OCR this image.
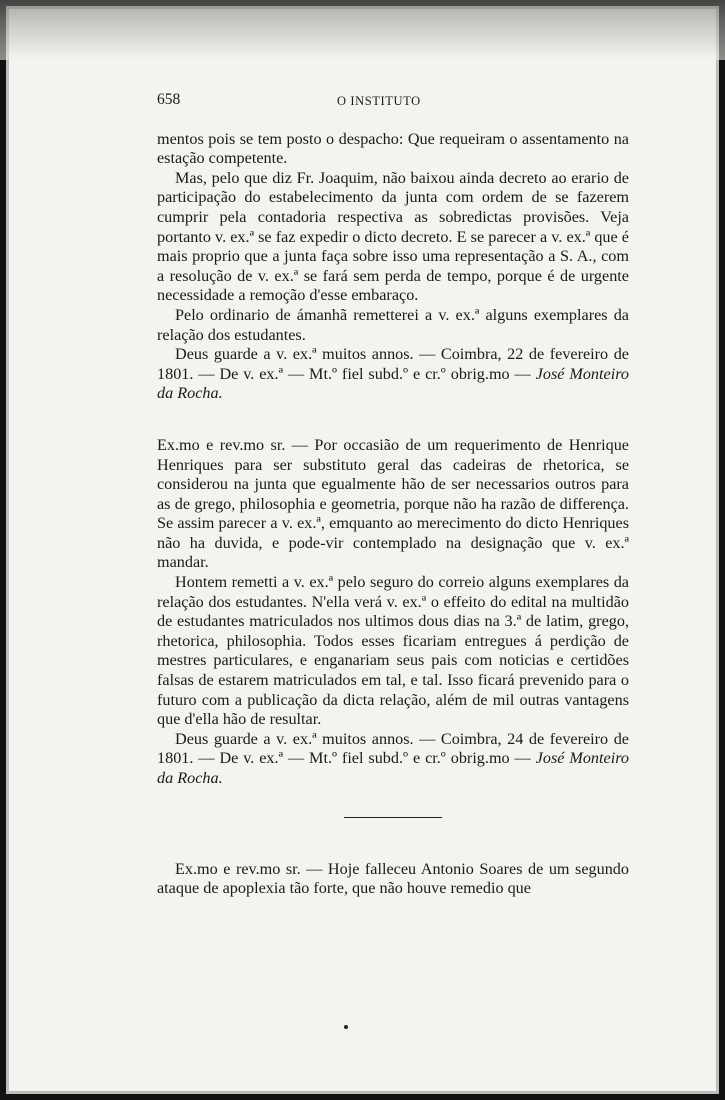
658	O INSTITUTO

mentos pois se tem posto o despacho: Que requeiram o assentamento na estação competente.

Mas, pelo que diz Fr. Joaquim, não baixou ainda decreto ao erario de participação do estabelecimento da junta com ordem de se fazerem cumprir pela contadoria respectiva as sobredictas provisões. Veja portanto v. ex.ª se faz expedir o dicto decreto. E se parecer a v. ex.ª que é mais proprio que a junta faça sobre isso uma representação a S. A., com a resolução de v. ex.ª se fará sem perda de tempo, porque é de urgente necessidade a remoção d'esse embaraço.

Pelo ordinario de ámanhã remetterei a v. ex.ª alguns exemplares da relação dos estudantes.

Deus guarde a v. ex.ª muitos annos. — Coimbra, 22 de fevereiro de 1801. — De v. ex.ª — Mt.º fiel subd.º e cr.º obrig.mo — José Monteiro da Rocha.

Ex.mo e rev.mo sr. — Por occasião de um requerimento de Henrique Henriques para ser substituto geral das cadeiras de rhetorica, se considerou na junta que egualmente hão de ser necessarios outros para as de grego, philosophia e geometria, porque não ha razão de differença. Se assim parecer a v. ex.ª, emquanto ao merecimento do dicto Henriques não ha duvida, e pode-vir contemplado na designação que v. ex.ª mandar.

Hontem remetti a v. ex.ª pelo seguro do correio alguns exemplares da relação dos estudantes. N'ella verá v. ex.ª o effeito do edital na multidão de estudantes matriculados nos ultimos dous dias na 3.ª de latim, grego, rhetorica, philosophia. Todos esses ficariam entregues á perdição de mestres particulares, e enganariam seus pais com noticias e certidões falsas de estarem matriculados em tal, e tal. Isso ficará prevenido para o futuro com a publicação da dicta relação, além de mil outras vantagens que d'ella hão de resultar.

Deus guarde a v. ex.ª muitos annos. — Coimbra, 24 de fevereiro de 1801. — De v. ex.ª — Mt.º fiel subd.º e cr.º obrig.mo — José Monteiro da Rocha.

Ex.mo e rev.mo sr. — Hoje falleceu Antonio Soares de um segundo ataque de apoplexia tão forte, que não houve remedio que
